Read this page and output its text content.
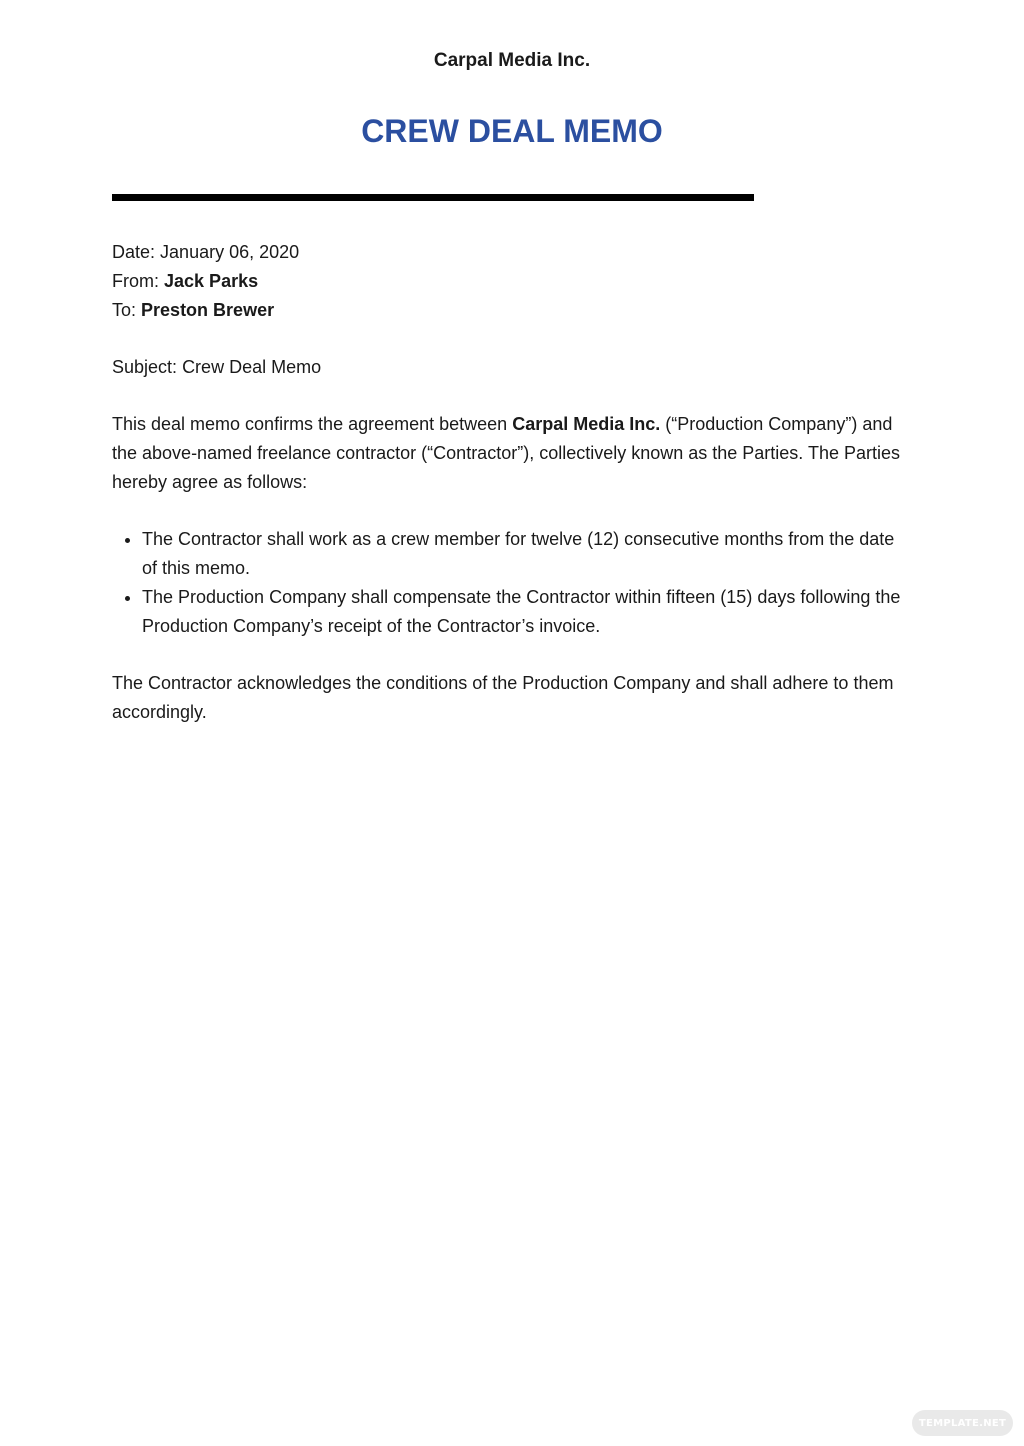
Carpal Media Inc.
CREW DEAL MEMO

Date: January 06, 2020

From: Jack Parks

To: Preston Brewer

Subject: Crew Deal Memo

This deal memo confirms the agreement between Carpal Media Inc. (“Production Company”) and the above-named freelance contractor (“Contractor”), collectively known as the Parties. The Parties hereby agree as follows:

• The Contractor shall work as a crew member for twelve (12) consecutive months from the date of this memo.
• The Production Company shall compensate the Contractor within fifteen (15) days following the Production Company’s receipt of the Contractor’s invoice.

The Contractor acknowledges the conditions of the Production Company and shall adhere to them accordingly.

TEMPLATE.NET
